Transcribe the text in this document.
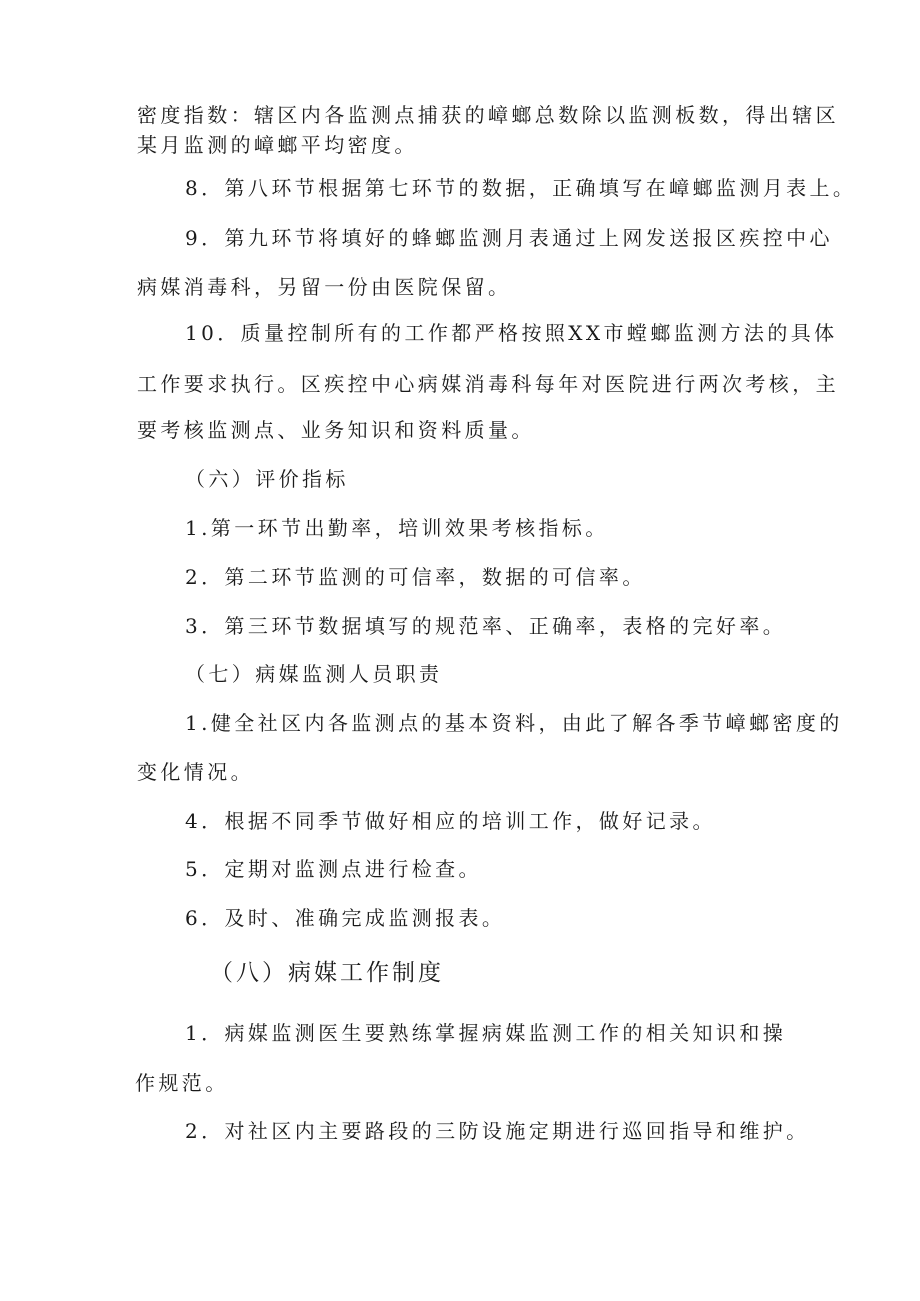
密度指数：辖区内各监测点捕获的嶂螂总数除以监测板数，得出辖区
某月监测的嶂螂平均密度。
8．第八环节根据第七环节的数据，正确填写在嶂螂监测月表上。
9．第九环节将填好的蜂螂监测月表通过上网发送报区疾控中心
病媒消毒科，另留一份由医院保留。
10．质量控制所有的工作都严格按照XX市螳螂监测方法的具体
工作要求执行。区疾控中心病媒消毒科每年对医院进行两次考核，主
要考核监测点、业务知识和资料质量。
（六）评价指标
1.第一环节出勤率，培训效果考核指标。
2．第二环节监测的可信率，数据的可信率。
3．第三环节数据填写的规范率、正确率，表格的完好率。
（七）病媒监测人员职责
1.健全社区内各监测点的基本资料，由此了解各季节嶂螂密度的
变化情况。
4．根据不同季节做好相应的培训工作，做好记录。
5．定期对监测点进行检查。
6．及时、准确完成监测报表。
（八）病媒工作制度
1．病媒监测医生要熟练掌握病媒监测工作的相关知识和操
作规范。
2．对社区内主要路段的三防设施定期进行巡回指导和维护。
